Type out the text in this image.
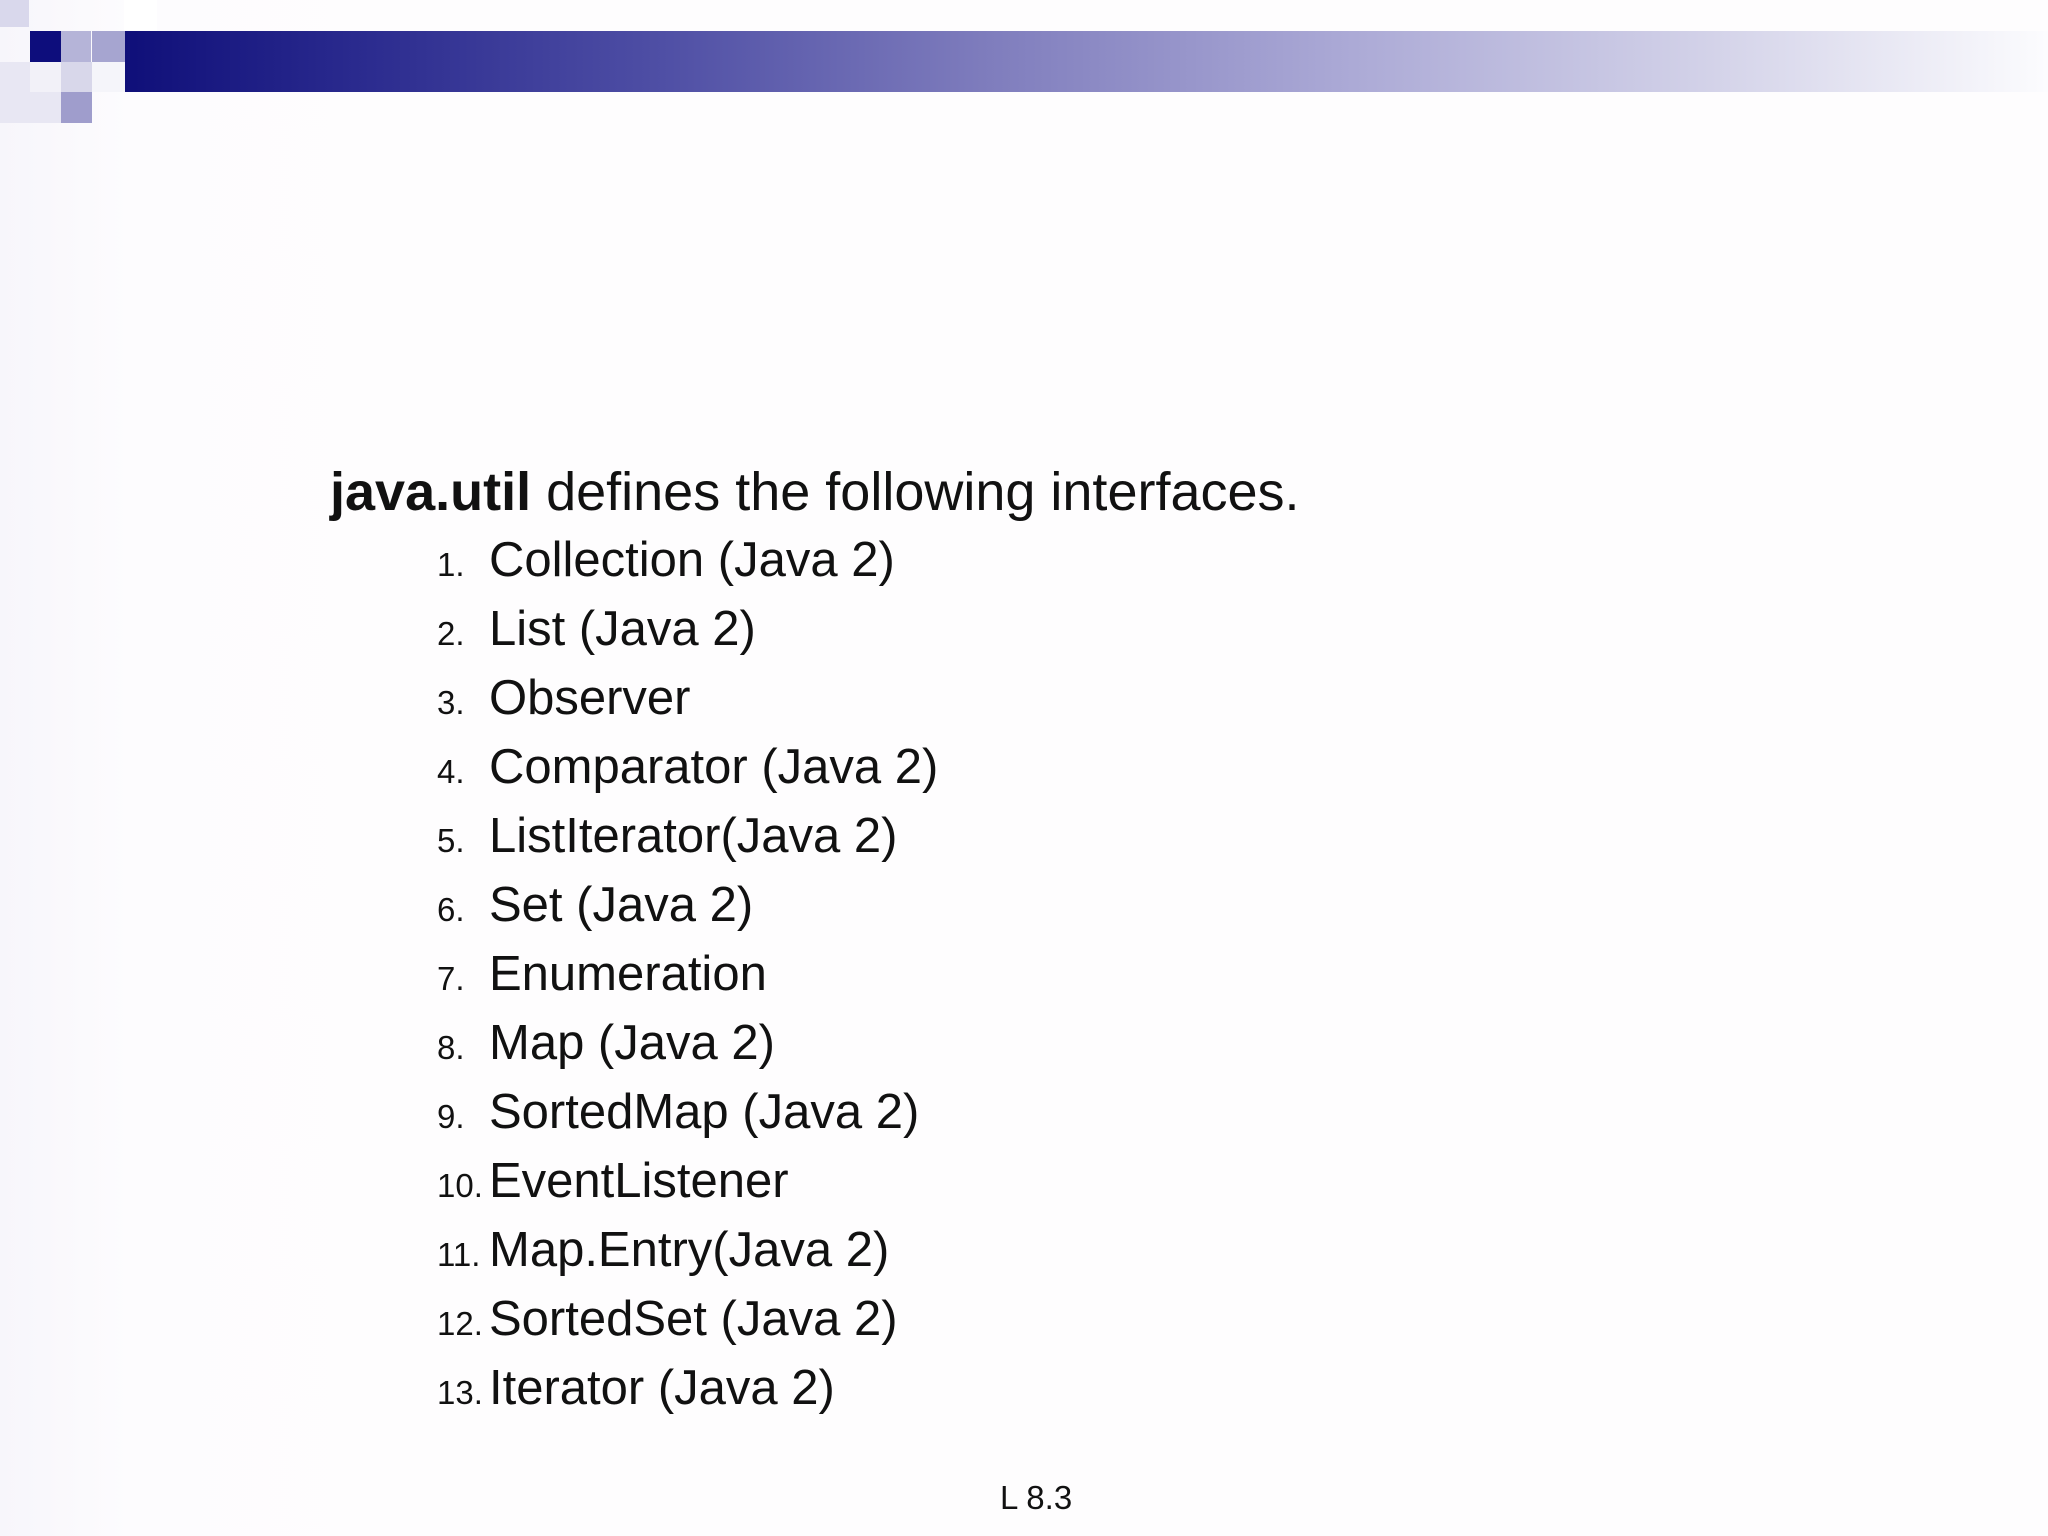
java.util defines the following interfaces.

1. Collection (Java 2)
2. List (Java 2)
3. Observer
4. Comparator (Java 2)
5. ListIterator(Java 2)
6. Set (Java 2)
7. Enumeration
8. Map (Java 2)
9. SortedMap (Java 2)
10. EventListener
11. Map.Entry(Java 2)
12. SortedSet (Java 2)
13. Iterator (Java 2)
L 8.3
